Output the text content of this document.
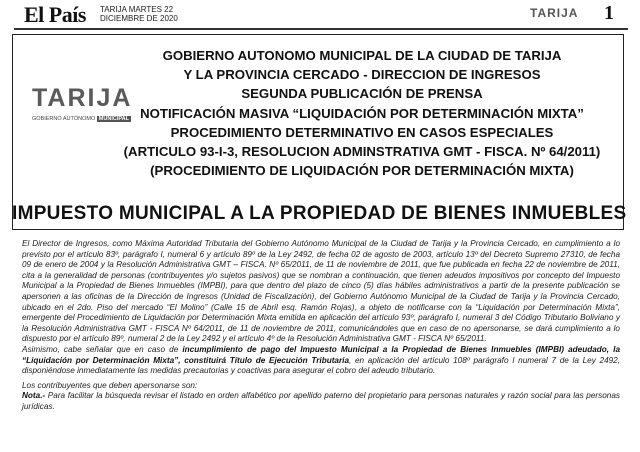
El País TARIJA MARTES 22
DICIEMBRE DE 2020	TARIJA 1
TARIJA
GOBIERNO AUTÓNOMO MUNICIPAL
GOBIERNO AUTONOMO MUNICIPAL DE LA CIUDAD DE TARIJA
Y LA PROVINCIA CERCADO - DIRECCION DE INGRESOS
SEGUNDA PUBLICACIÓN DE PRENSA
NOTIFICACIÓN MASIVA “LIQUIDACIÓN POR DETERMINACIÓN MIXTA”
PROCEDIMIENTO DETERMINATIVO EN CASOS ESPECIALES
(ARTICULO 93-I-3, RESOLUCION ADMINSTRATIVA GMT - FISCA. Nº 64/2011)
(PROCEDIMIENTO DE LIQUIDACIÓN POR DETERMINACIÓN MIXTA)
IMPUESTO MUNICIPAL A LA PROPIEDAD DE BIENES INMUEBLES

El Director de Ingresos, como Máxima Autoridad Tributaria del Gobierno Autónomo Municipal de la Ciudad de Tarija y la Provincia Cercado, en cumplimiento a lo previsto por el artículo 83º, parágrafo I, numeral 6 y artículo 89º de la Ley 2492, de fecha 02 de agosto de 2003, artículo 13º del Decreto Supremo 27310, de fecha 09 de enero de 2004 y la Resolución Administrativa GMT – FISCA. Nº 65/2011, de 11 de noviembre de 2011, que fue publicada en fecha 22 de noviembre de 2011, cita a la generalidad de personas (contribuyentes y/o sujetos pasivos) que se nombran a continuación, que tienen adeudos impositivos por concepto del Impuesto Municipal a la Propiedad de Bienes Inmuebles (IMPBI), para que dentro del plazo de cinco (5) días hábiles administrativos a partir de la presente publicación se apersonen a las oficinas de la Dirección de Ingresos (Unidad de Fiscalización), del Gobierno Autónomo Municipal de la Ciudad de Tarija y la Provincia Cercado, ubicado en el 2do. Piso del mercado “El Molino” (Calle 15 de Abril esq. Ramón Rojas), a objeto de notificarse con la “Liquidación por Determinación Mixta”, emergente del Procedimiento de Liquidación por Determinación Mixta emitida en aplicación del artículo 93º, parágrafo I, numeral 3 del Código Tributario Boliviano y la Resolución Administrativa GMT - FISCA Nº 64/2011, de 11 de noviembre de 2011, comunicándoles que en caso de no apersonarse, se dará cumplimiento a lo dispuesto por el artículo 89º, numeral 2 de la Ley 2492 y el artículo 4º de la Resolución Administrativa GMT - FISCA Nº 65/2011.

Asimismo, cabe señalar que en caso de incumplimiento de pago del Impuesto Municipal a la Propiedad de Bienes Inmuebles (IMPBI) adeudado, la “Liquidación por Determinación Mixta”, constituirá Título de Ejecución Tributaria, en aplicación del artículo 108º parágrafo I numeral 7 de la Ley 2492, disponiéndose inmediatamente las medidas precautorias y coactivas para asegurar el cobro del adeudo tributario.

Los contribuyentes que deben apersonarse son:

Nota.- Para facilitar la búsqueda revisar el listado en orden alfabético por apellido paterno del propietario para personas naturales y razón social para las personas jurídicas.
